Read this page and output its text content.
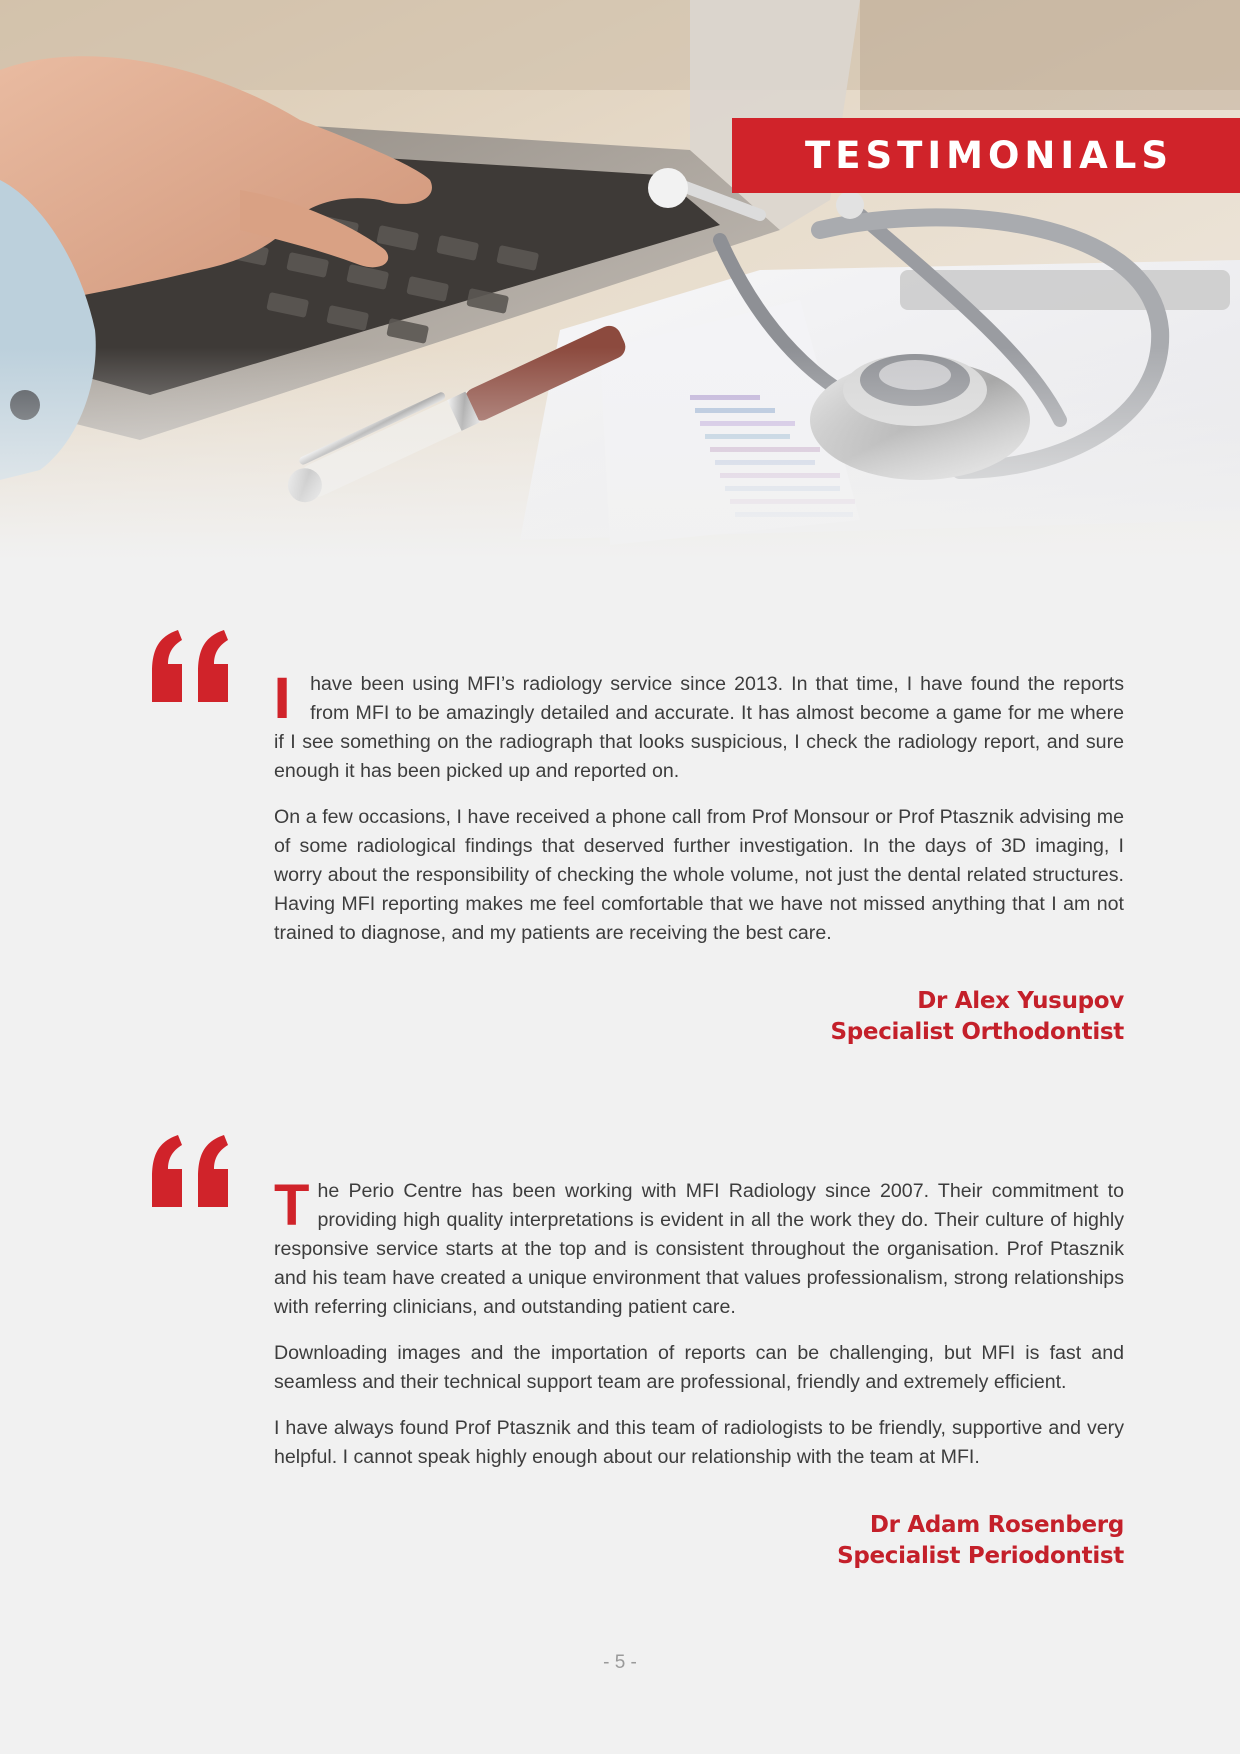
TESTIMONIALS

Ihave been using MFI’s radiology service since 2013. In that time, I have found the reports from MFI to be amazingly detailed and accurate. It has almost become a game for me where if I see something on the radiograph that looks suspicious, I check the radiology report, and sure enough it has been picked up and reported on.

On a few occasions, I have received a phone call from Prof Monsour or Prof Ptasznik advising me of some radiological findings that deserved further investigation. In the days of 3D imaging, I worry about the responsibility of checking the whole volume, not just the dental related structures. Having MFI reporting makes me feel comfortable that we have not missed anything that I am not trained to diagnose, and my patients are receiving the best care.

Dr Alex Yusupov
Specialist Orthodontist

The Perio Centre has been working with MFI Radiology since 2007. Their commitment to providing high quality interpretations is evident in all the work they do. Their culture of highly responsive service starts at the top and is consistent throughout the organisation. Prof Ptasznik and his team have created a unique environment that values professionalism, strong relationships with referring clinicians, and outstanding patient care.

Downloading images and the importation of reports can be challenging, but MFI is fast and seamless and their technical support team are professional, friendly and extremely efficient.

I have always found Prof Ptasznik and this team of radiologists to be friendly, supportive and very helpful. I cannot speak highly enough about our relationship with the team at MFI.

Dr Adam Rosenberg
Specialist Periodontist
- 5 -
